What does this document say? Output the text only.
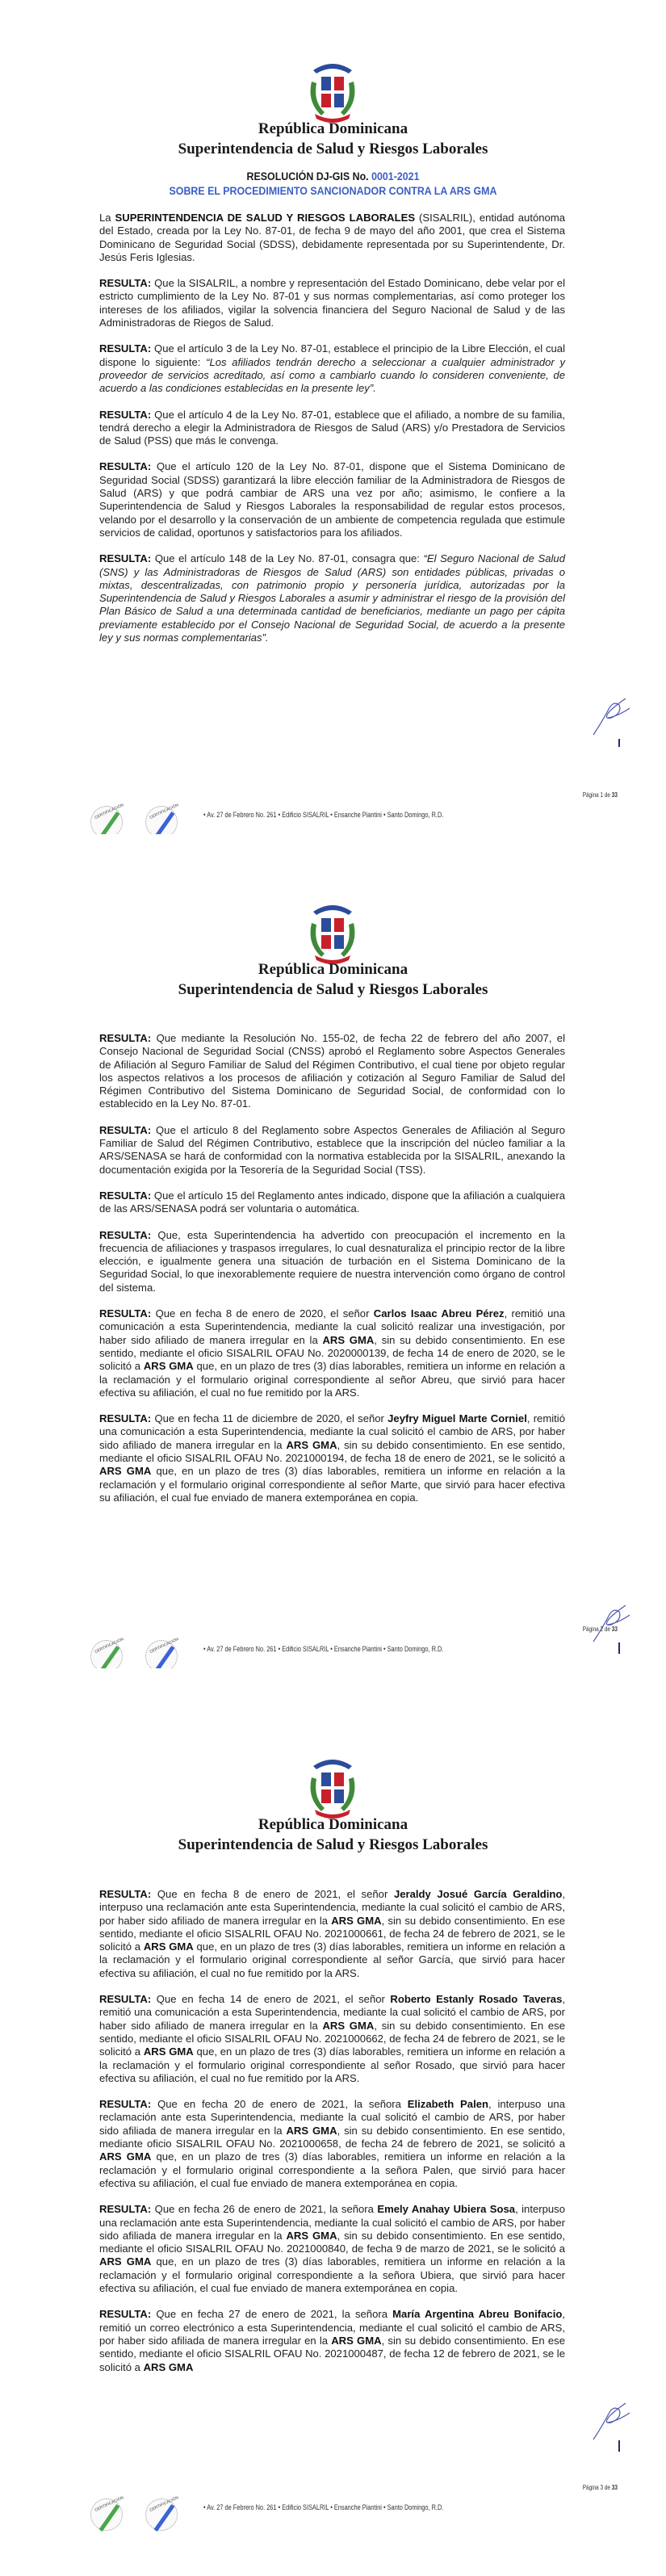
República Dominicana
Superintendencia de Salud y Riesgos Laborales
RESOLUCIÓN DJ-GIS No. 0001-2021
SOBRE EL PROCEDIMIENTO SANCIONADOR CONTRA LA ARS GMA

La SUPERINTENDENCIA DE SALUD Y RIESGOS LABORALES (SISALRIL), entidad autónoma del Estado, creada por la Ley No. 87-01, de fecha 9 de mayo del año 2001, que crea el Sistema Dominicano de Seguridad Social (SDSS), debidamente representada por su Superintendente, Dr. Jesús Feris Iglesias.

RESULTA: Que la SISALRIL, a nombre y representación del Estado Dominicano, debe velar por el estricto cumplimiento de la Ley No. 87-01 y sus normas complementarias, así como proteger los intereses de los afiliados, vigilar la solvencia financiera del Seguro Nacional de Salud y de las Administradoras de Riegos de Salud.

RESULTA: Que el artículo 3 de la Ley No. 87-01, establece el principio de la Libre Elección, el cual dispone lo siguiente: “Los afiliados tendrán derecho a seleccionar a cualquier administrador y proveedor de servicios acreditado, así como a cambiarlo cuando lo consideren conveniente, de acuerdo a las condiciones establecidas en la presente ley”.

RESULTA: Que el artículo 4 de la Ley No. 87-01, establece que el afiliado, a nombre de su familia, tendrá derecho a elegir la Administradora de Riesgos de Salud (ARS) y/o Prestadora de Servicios de Salud (PSS) que más le convenga.

RESULTA: Que el artículo 120 de la Ley No. 87-01, dispone que el Sistema Dominicano de Seguridad Social (SDSS) garantizará la libre elección familiar de la Administradora de Riesgos de Salud (ARS) y que podrá cambiar de ARS una vez por año; asimismo, le confiere a la Superintendencia de Salud y Riesgos Laborales la responsabilidad de regular estos procesos, velando por el desarrollo y la conservación de un ambiente de competencia regulada que estimule servicios de calidad, oportunos y satisfactorios para los afiliados.

RESULTA: Que el artículo 148 de la Ley No. 87-01, consagra que: “El Seguro Nacional de Salud (SNS) y las Administradoras de Riesgos de Salud (ARS) son entidades públicas, privadas o mixtas, descentralizadas, con patrimonio propio y personería jurídica, autorizadas por la Superintendencia de Salud y Riesgos Laborales a asumir y administrar el riesgo de la provisión del Plan Básico de Salud a una determinada cantidad de beneficiarios, mediante un pago per cápita previamente establecido por el Consejo Nacional de Seguridad Social, de acuerdo a la presente ley y sus normas complementarias”.

Página 1 de 33
CERTIFICACIÓN	CERTIFICACIÓN	• Av. 27 de Febrero No. 261 • Edificio SISALRIL • Ensanche Piantini • Santo Domingo, R.D.
República Dominicana
Superintendencia de Salud y Riesgos Laborales

RESULTA: Que mediante la Resolución No. 155-02, de fecha 22 de febrero del año 2007, el Consejo Nacional de Seguridad Social (CNSS) aprobó el Reglamento sobre Aspectos Generales de Afiliación al Seguro Familiar de Salud del Régimen Contributivo, el cual tiene por objeto regular los aspectos relativos a los procesos de afiliación y cotización al Seguro Familiar de Salud del Régimen Contributivo del Sistema Dominicano de Seguridad Social, de conformidad con lo establecido en la Ley No. 87-01.

RESULTA: Que el artículo 8 del Reglamento sobre Aspectos Generales de Afiliación al Seguro Familiar de Salud del Régimen Contributivo, establece que la inscripción del núcleo familiar a la ARS/SENASA se hará de conformidad con la normativa establecida por la SISALRIL, anexando la documentación exigida por la Tesorería de la Seguridad Social (TSS).

RESULTA: Que el artículo 15 del Reglamento antes indicado, dispone que la afiliación a cualquiera de las ARS/SENASA podrá ser voluntaria o automática.

RESULTA: Que, esta Superintendencia ha advertido con preocupación el incremento en la frecuencia de afiliaciones y traspasos irregulares, lo cual desnaturaliza el principio rector de la libre elección, e igualmente genera una situación de turbación en el Sistema Dominicano de la Seguridad Social, lo que inexorablemente requiere de nuestra intervención como órgano de control del sistema.

RESULTA: Que en fecha 8 de enero de 2020, el señor Carlos Isaac Abreu Pérez, remitió una comunicación a esta Superintendencia, mediante la cual solicitó realizar una investigación, por haber sido afiliado de manera irregular en la ARS GMA, sin su debido consentimiento. En ese sentido, mediante el oficio SISALRIL OFAU No. 2020000139, de fecha 14 de enero de 2020, se le solicitó a ARS GMA que, en un plazo de tres (3) días laborables, remitiera un informe en relación a la reclamación y el formulario original correspondiente al señor Abreu, que sirvió para hacer efectiva su afiliación, el cual no fue remitido por la ARS.

RESULTA: Que en fecha 11 de diciembre de 2020, el señor Jeyfry Miguel Marte Corniel, remitió una comunicación a esta Superintendencia, mediante la cual solicitó el cambio de ARS, por haber sido afiliado de manera irregular en la ARS GMA, sin su debido consentimiento. En ese sentido, mediante el oficio SISALRIL OFAU No. 2021000194, de fecha 18 de enero de 2021, se le solicitó a ARS GMA que, en un plazo de tres (3) días laborables, remitiera un informe en relación a la reclamación y el formulario original correspondiente al señor Marte, que sirvió para hacer efectiva su afiliación, el cual fue enviado de manera extemporánea en copia.

Página 2 de 33
CERTIFICACIÓN	CERTIFICACIÓN	• Av. 27 de Febrero No. 261 • Edificio SISALRIL • Ensanche Piantini • Santo Domingo, R.D.
República Dominicana
Superintendencia de Salud y Riesgos Laborales

RESULTA: Que en fecha 8 de enero de 2021, el señor Jeraldy Josué García Geraldino, interpuso una reclamación ante esta Superintendencia, mediante la cual solicitó el cambio de ARS, por haber sido afiliado de manera irregular en la ARS GMA, sin su debido consentimiento. En ese sentido, mediante el oficio SISALRIL OFAU No. 2021000661, de fecha 24 de febrero de 2021, se le solicitó a ARS GMA que, en un plazo de tres (3) días laborables, remitiera un informe en relación a la reclamación y el formulario original correspondiente al señor García, que sirvió para hacer efectiva su afiliación, el cual no fue remitido por la ARS.

RESULTA: Que en fecha 14 de enero de 2021, el señor Roberto Estanly Rosado Taveras, remitió una comunicación a esta Superintendencia, mediante la cual solicitó el cambio de ARS, por haber sido afiliado de manera irregular en la ARS GMA, sin su debido consentimiento. En ese sentido, mediante el oficio SISALRIL OFAU No. 2021000662, de fecha 24 de febrero de 2021, se le solicitó a ARS GMA que, en un plazo de tres (3) días laborables, remitiera un informe en relación a la reclamación y el formulario original correspondiente al señor Rosado, que sirvió para hacer efectiva su afiliación, el cual no fue remitido por la ARS.

RESULTA: Que en fecha 20 de enero de 2021, la señora Elizabeth Palen, interpuso una reclamación ante esta Superintendencia, mediante la cual solicitó el cambio de ARS, por haber sido afiliada de manera irregular en la ARS GMA, sin su debido consentimiento. En ese sentido, mediante oficio SISALRIL OFAU No. 2021000658, de fecha 24 de febrero de 2021, se solicitó a ARS GMA que, en un plazo de tres (3) días laborables, remitiera un informe en relación a la reclamación y el formulario original correspondiente a la señora Palen, que sirvió para hacer efectiva su afiliación, el cual fue enviado de manera extemporánea en copia.

RESULTA: Que en fecha 26 de enero de 2021, la señora Emely Anahay Ubiera Sosa, interpuso una reclamación ante esta Superintendencia, mediante la cual solicitó el cambio de ARS, por haber sido afiliada de manera irregular en la ARS GMA, sin su debido consentimiento. En ese sentido, mediante el oficio SISALRIL OFAU No. 2021000840, de fecha 9 de marzo de 2021, se le solicitó a ARS GMA que, en un plazo de tres (3) días laborables, remitiera un informe en relación a la reclamación y el formulario original correspondiente a la señora Ubiera, que sirvió para hacer efectiva su afiliación, el cual fue enviado de manera extemporánea en copia.

RESULTA: Que en fecha 27 de enero de 2021, la señora María Argentina Abreu Bonifacio, remitió un correo electrónico a esta Superintendencia, mediante el cual solicitó el cambio de ARS, por haber sido afiliada de manera irregular en la ARS GMA, sin su debido consentimiento. En ese sentido, mediante el oficio SISALRIL OFAU No. 2021000487, de fecha 12 de febrero de 2021, se le solicitó a ARS GMA

Página 3 de 33
CERTIFICACIÓN	CERTIFICACIÓN	• Av. 27 de Febrero No. 261 • Edificio SISALRIL • Ensanche Piantini • Santo Domingo, R.D.
